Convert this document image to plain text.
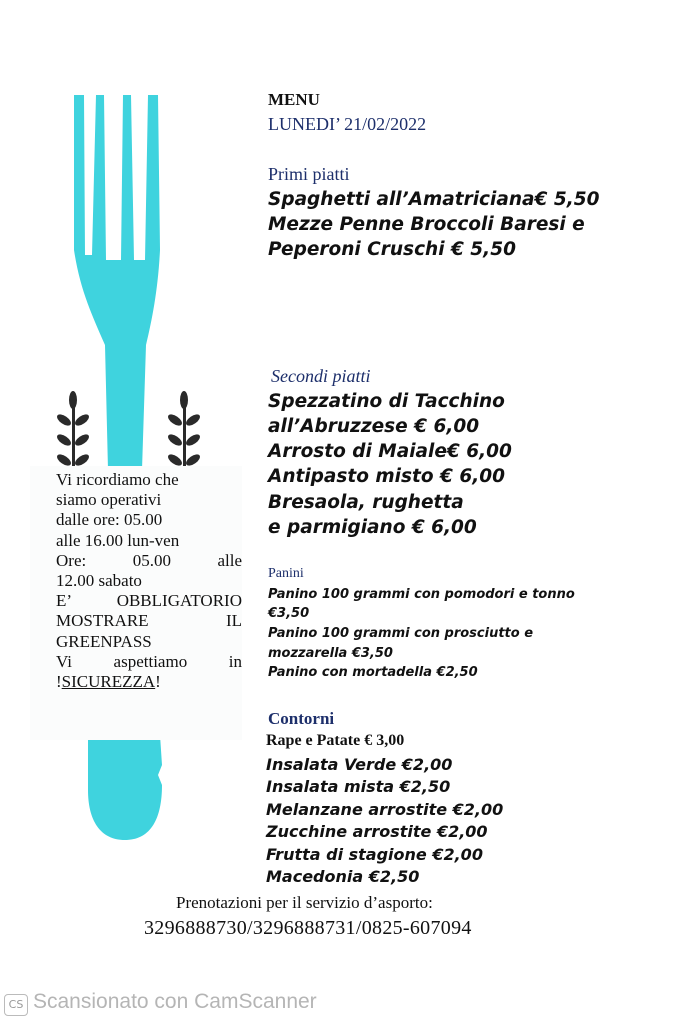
Vi ricordiamo che
siamo operativi
dalle ore: 05.00
alle 16.00 lun-ven
Ore: 05.00 alle
12.00 sabato
E’ OBBLIGATORIO
MOSTRARE IL
GREENPASS
Vi aspettiamo in
!SICUREZZA!
MENU
LUNEDI’ 21/02/2022
Primi piatti
Spaghetti all’Amatriciana€ 5,50
Mezze Penne Broccoli Baresi e
Peperoni Cruschi € 5,50
Secondi piatti
Spezzatino di Tacchino
all’Abruzzese € 6,00
Arrosto di Maiale€ 6,00
Antipasto misto € 6,00
Bresaola, rughetta
e parmigiano € 6,00
Panini
Panino 100 grammi con pomodori e tonno
€3,50
Panino 100 grammi con prosciutto e
mozzarella €3,50
Panino con mortadella €2,50
Contorni
Rape e Patate € 3,00
Insalata Verde €2,00
Insalata mista €2,50
Melanzane arrostite €2,00
Zucchine arrostite €2,00
Frutta di stagione €2,00
Macedonia €2,50
Prenotazioni per il servizio d’asporto:
3296888730/3296888731/0825-607094
CS Scansionato con CamScanner
